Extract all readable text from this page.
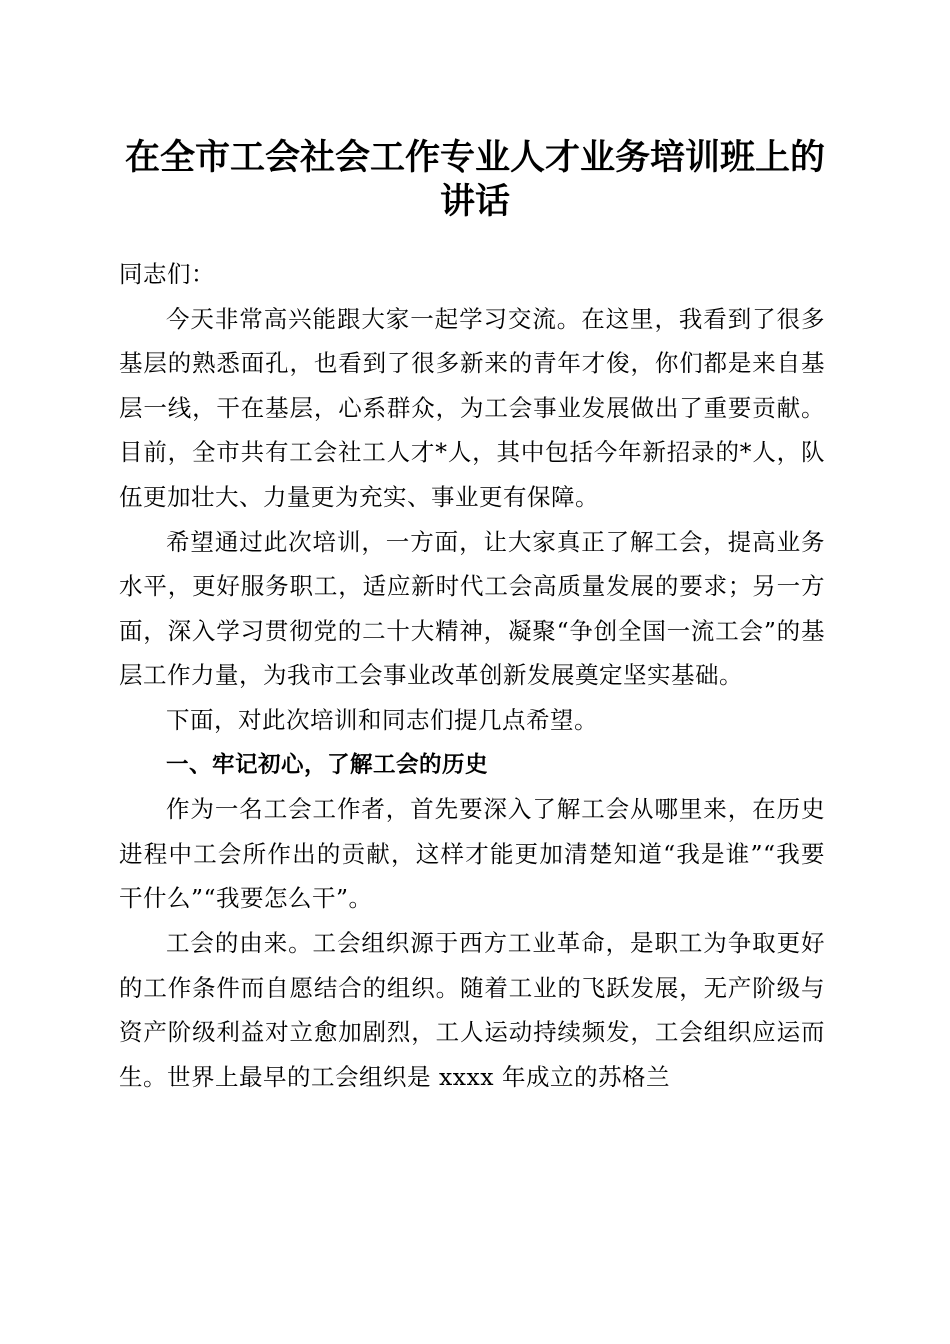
在全市工会社会工作专业人才业务培训班上的
讲话

同志们：

今天非常高兴能跟大家一起学习交流。在这里，我看到了很多基层的熟悉面孔，也看到了很多新来的青年才俊，你们都是来自基层一线，干在基层，心系群众，为工会事业发展做出了重要贡献。目前，全市共有工会社工人才*人，其中包括今年新招录的*人，队伍更加壮大、力量更为充实、事业更有保障。

希望通过此次培训，一方面，让大家真正了解工会，提高业务水平，更好服务职工，适应新时代工会高质量发展的要求；另一方面，深入学习贯彻党的二十大精神，凝聚“争创全国一流工会”的基层工作力量，为我市工会事业改革创新发展奠定坚实基础。

下面，对此次培训和同志们提几点希望。

一、牢记初心，了解工会的历史

作为一名工会工作者，首先要深入了解工会从哪里来，在历史进程中工会所作出的贡献，这样才能更加清楚知道“我是谁”“我要干什么”“我要怎么干”。

工会的由来。工会组织源于西方工业革命，是职工为争取更好的工作条件而自愿结合的组织。随着工业的飞跃发展，无产阶级与资产阶级利益对立愈加剧烈，工人运动持续频发，工会组织应运而生。世界上最早的工会组织是 xxxx 年成立的苏格兰
